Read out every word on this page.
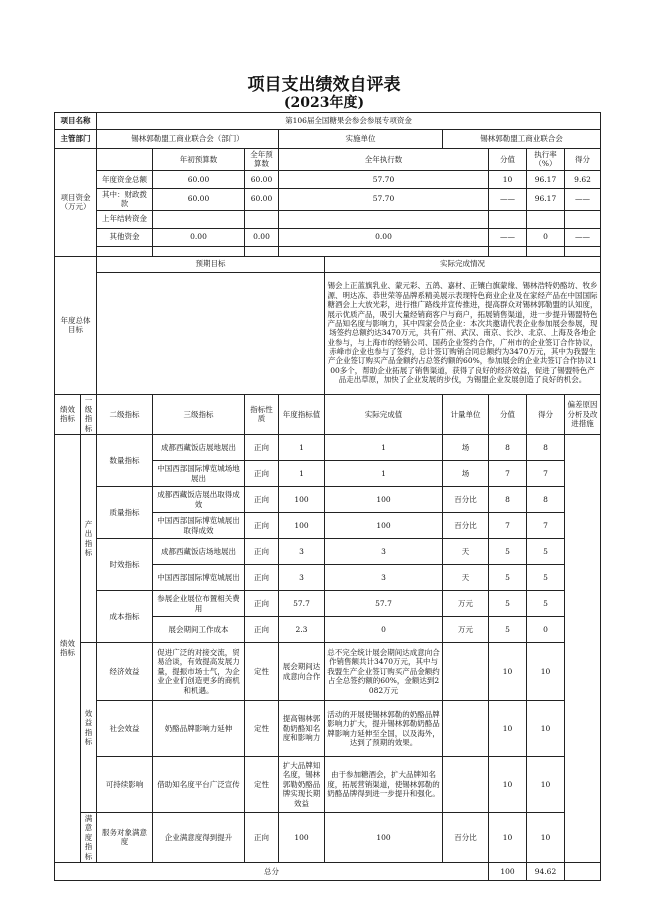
项目支出绩效自评表
(2023年度)
项目名称		第106届全国糖果会参会参展专项资金								
主管部门		锡林郭勒盟工商业联合会（部门）			实施单位		锡林郭勒盟工商业联合会			
项目资金（万元）			年初预算数	全年预算数	全年执行数			分值	执行率（%）	得分
		年度资金总额	60.00	60.00	57.70			10	96.17	9.62
		其中：财政拨款	60.00	60.00	57.70			——	96.17	——
		上年结转资金								
		其他资金	0.00	0.00	0.00			——	0	——

年度总体目标		预期目标				实际完成情况				
						锡会上正蓝旗乳业、蒙元彩、五鸽、嘉材、正镶白旗蒙缘、锡林浩特奶酪坊、牧乡源、明达冻、恭世荣等品牌系精美展示表现特色商业企业及在家经产品在中国国际糖酒会上大放光彩，进行推广路线并宣传推进，提高群众对锡林郭勒盟的认知度，展示优质产品，吸引大量经销商客户与商户，拓展销售渠道，进一步提升锡盟特色产品知名度与影响力，其中四家会员企业：本次共邀请代表企业参加展会参展，现场签约总额约达3470万元，共有广州、武汉、南京、长沙、北京、上海及各地企业参与，与上海市的经销公司、国药企业签约合作，广州市的企业签订合作协议，赤峰市企业也参与了签约，总计签订购销合同总额约为3470万元，其中为我盟生产企业签订购买产品金额约占总签约额的60%，参加展会的企业共签订合作协议100多个，帮助企业拓展了销售渠道，获得了良好的经济效益，促进了锡盟特色产品走出草原，加快了企业发展的步伐，为锡盟企业发展创造了良好的机会。				
绩效指标	一级指标	二级指标	三级指标	指标性质	年度指标值	实际完成值	计量单位	分值	得分	偏差原因分析及改进措施
绩效指标	产出指标	数量指标	成都西藏饭店展地展出	正向	1	1	场	8	8	
			中国西部国际博览城场地展出	正向	1	1	场	7	7	
		质量指标	成都西藏饭店展出取得成效	正向	100	100	百分比	8	8	
			中国西部国际博览城展出取得成效	正向	100	100	百分比	7	7	
		时效指标	成都西藏饭店场地展出	正向	3	3	天	5	5	
			中国西部国际博览城展出	正向	3	3	天	5	5	
		成本指标	参展企业展位布置相关费用	正向	57.7	57.7	万元	5	5	
			展会期间工作成本	正向	2.3	0	万元	5	0	
	效益指标	经济效益	促进广泛的对接交流，贸易洽谈，有效提高发展力量，提振市场士气，为企业企业们创造更多的商机和机遇。	定性	展会期间达成意向合作	总不完全统计展会期间达成意向合作销售额共计3470万元，其中与我盟生产企业签订购买产品金额约占全总签约额的60%，金额达到2082万元		10	10	
		社会效益	奶酪品牌影响力延伸	定性	提高锡林郭勒奶酪知名度和影响力	活动的开展使锡林郭勒的奶酪品牌影响力扩大，提升锡林郭勒奶酪品牌影响力延伸至全国，以及海外，达到了预期的效果。		10	10	
		可持续影响	借助知名度平台广泛宣传	定性	扩大品牌知名度，锡林郭勒奶酪品牌实现长期效益	由于参加糖酒会，扩大品牌知名度，拓展营销渠道，使锡林郭勒的奶酪品牌得到进一步提升和强化。		10	10	
	满意度指标	服务对象满意度	企业满意度得到提升	正向	100	100	百分比	10	10	
总分								100	94.62	
